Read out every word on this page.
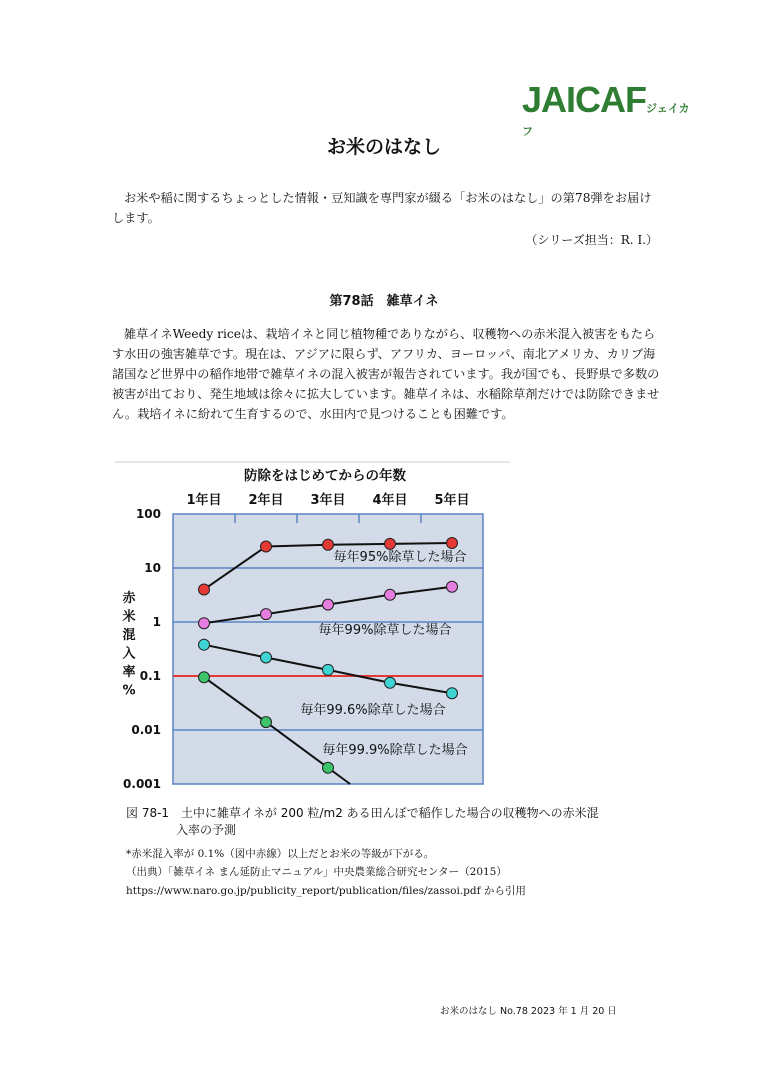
JAICAFジェイカフ
お米のはなし
お米や稲に関するちょっとした情報・豆知識を専門家が綴る「お米のはなし」の第78弾をお届けします。
（シリーズ担当：R. I.）
第78話　雑草イネ
雑草イネWeedy riceは、栽培イネと同じ植物種でありながら、収穫物への赤米混入被害をもたらす水田の強害雑草です。現在は、アジアに限らず、アフリカ、ヨーロッパ、南北アメリカ、カリブ海諸国など世界中の稲作地帯で雑草イネの混入被害が報告されています。我が国でも、長野県で多数の被害が出ており、発生地域は徐々に拡大しています。雑草イネは、水稲除草剤だけでは防除できません。栽培イネに紛れて生育するので、水田内で見つけることも困難です。
防除をはじめてからの年数
1年目 2年目 3年目 4年目 5年目
100
10
1
0.1
0.01
0.001
毎年95%除草した場合
毎年99%除草した場合
毎年99.6%除草した場合
毎年99.9%除草した場合
赤
米
混
入
率
%
図 78-1　土中に雑草イネが 200 粒/m2 ある田んぼで稲作した場合の収穫物への赤米混
入率の予測
*赤米混入率が 0.1%（図中赤線）以上だとお米の等級が下がる。
（出典）「雑草イネ まん延防止マニュアル」中央農業総合研究センター（2015）
https://www.naro.go.jp/publicity_report/publication/files/zassoi.pdf から引用
お米のはなし No.78 2023 年 1 月 20 日
